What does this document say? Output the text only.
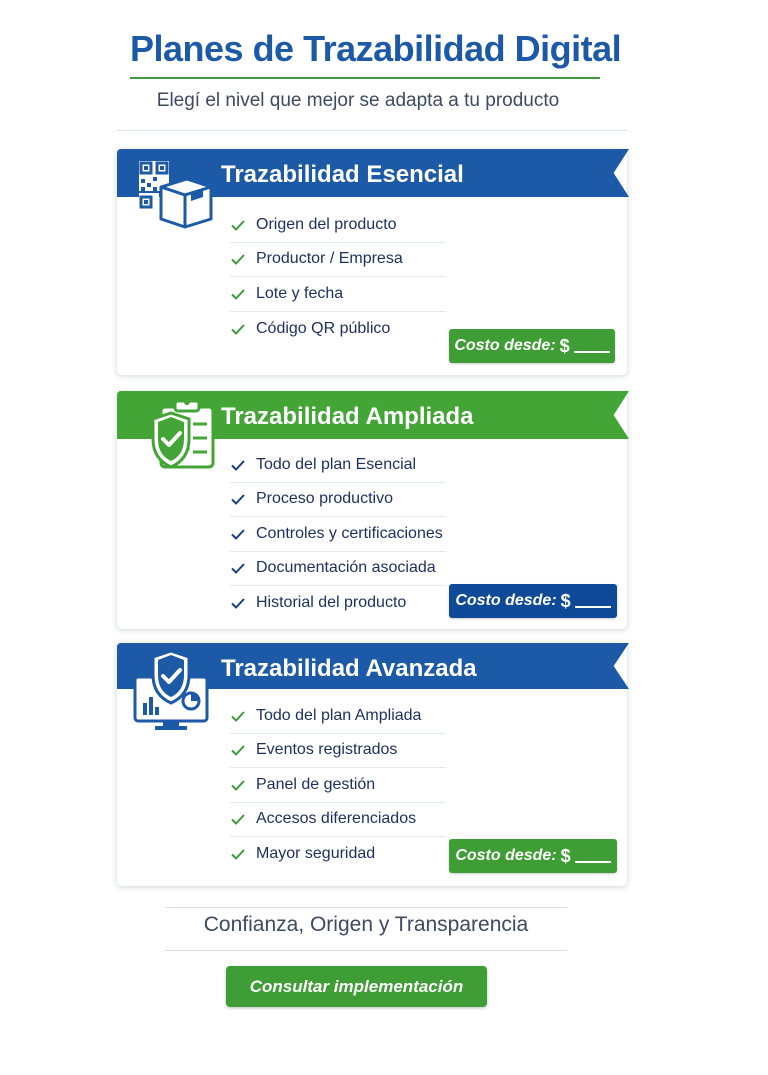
Planes de Trazabilidad Digital
Elegí el nivel que mejor se adapta a tu producto
Trazabilidad Esencial
Origen del producto
Productor / Empresa
Lote y fecha
Código QR público
Costo desde: $
Trazabilidad Ampliada
Todo del plan Esencial
Proceso productivo
Controles y certificaciones
Documentación asociada
Historial del producto	Costo desde: $
Trazabilidad Avanzada
Todo del plan Ampliada
Eventos registrados
Panel de gestión
Accesos diferenciados
Mayor seguridad	Costo desde: $
Confianza, Origen y Transparencia
Consultar implementación
